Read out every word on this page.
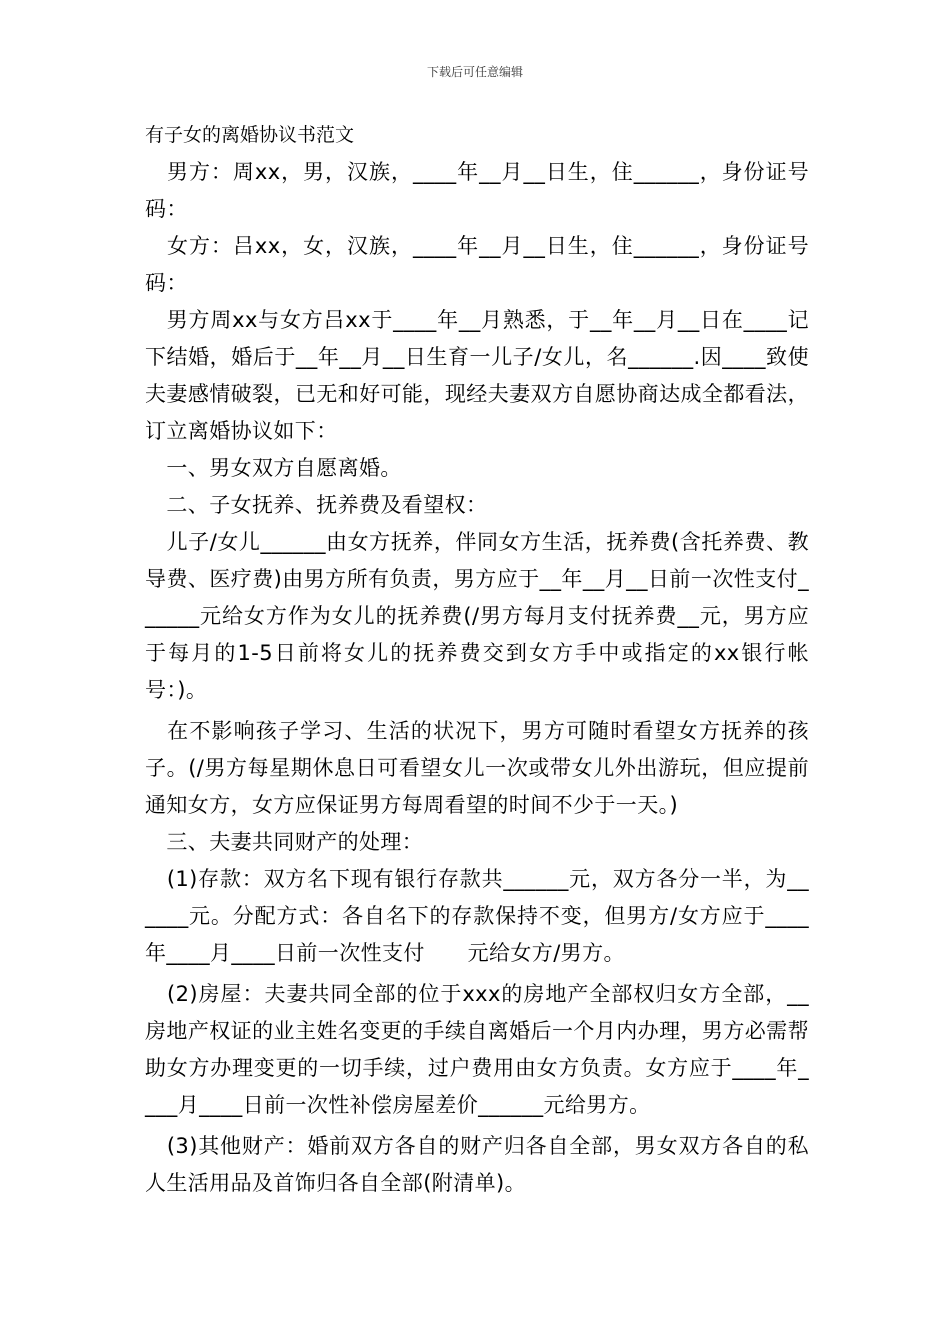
下载后可任意编辑
有子女的离婚协议书范文

　男方：周xx，男，汉族，____年__月__日生，住______，身份证号码：

　女方：吕xx，女，汉族，____年__月__日生，住______，身份证号码：

　男方周xx与女方吕xx于____年__月熟悉，于__年__月__日在____记下结婚，婚后于__年__月__日生育一儿子/女儿，名______.因____致使夫妻感情破裂，已无和好可能，现经夫妻双方自愿协商达成全都看法，订立离婚协议如下：

　一、男女双方自愿离婚。

　二、子女抚养、抚养费及看望权：

　儿子/女儿______由女方抚养，伴同女方生活，抚养费(含托养费、教导费、医疗费)由男方所有负责，男方应于__年__月__日前一次性支付______元给女方作为女儿的抚养费(/男方每月支付抚养费__元，男方应于每月的1-5日前将女儿的抚养费交到女方手中或指定的xx银行帐号：)。

　在不影响孩子学习、生活的状况下，男方可随时看望女方抚养的孩子。(/男方每星期休息日可看望女儿一次或带女儿外出游玩，但应提前通知女方，女方应保证男方每周看望的时间不少于一天。)

　三、夫妻共同财产的处理：

　(1)存款：双方名下现有银行存款共______元，双方各分一半，为______元。分配方式：各自名下的存款保持不变，但男方/女方应于____年____月____日前一次性支付　　元给女方/男方。

　(2)房屋：夫妻共同全部的位于xxx的房地产全部权归女方全部，__房地产权证的业主姓名变更的手续自离婚后一个月内办理，男方必需帮助女方办理变更的一切手续，过户费用由女方负责。女方应于____年____月____日前一次性补偿房屋差价______元给男方。

　(3)其他财产：婚前双方各自的财产归各自全部，男女双方各自的私人生活用品及首饰归各自全部(附清单)。
